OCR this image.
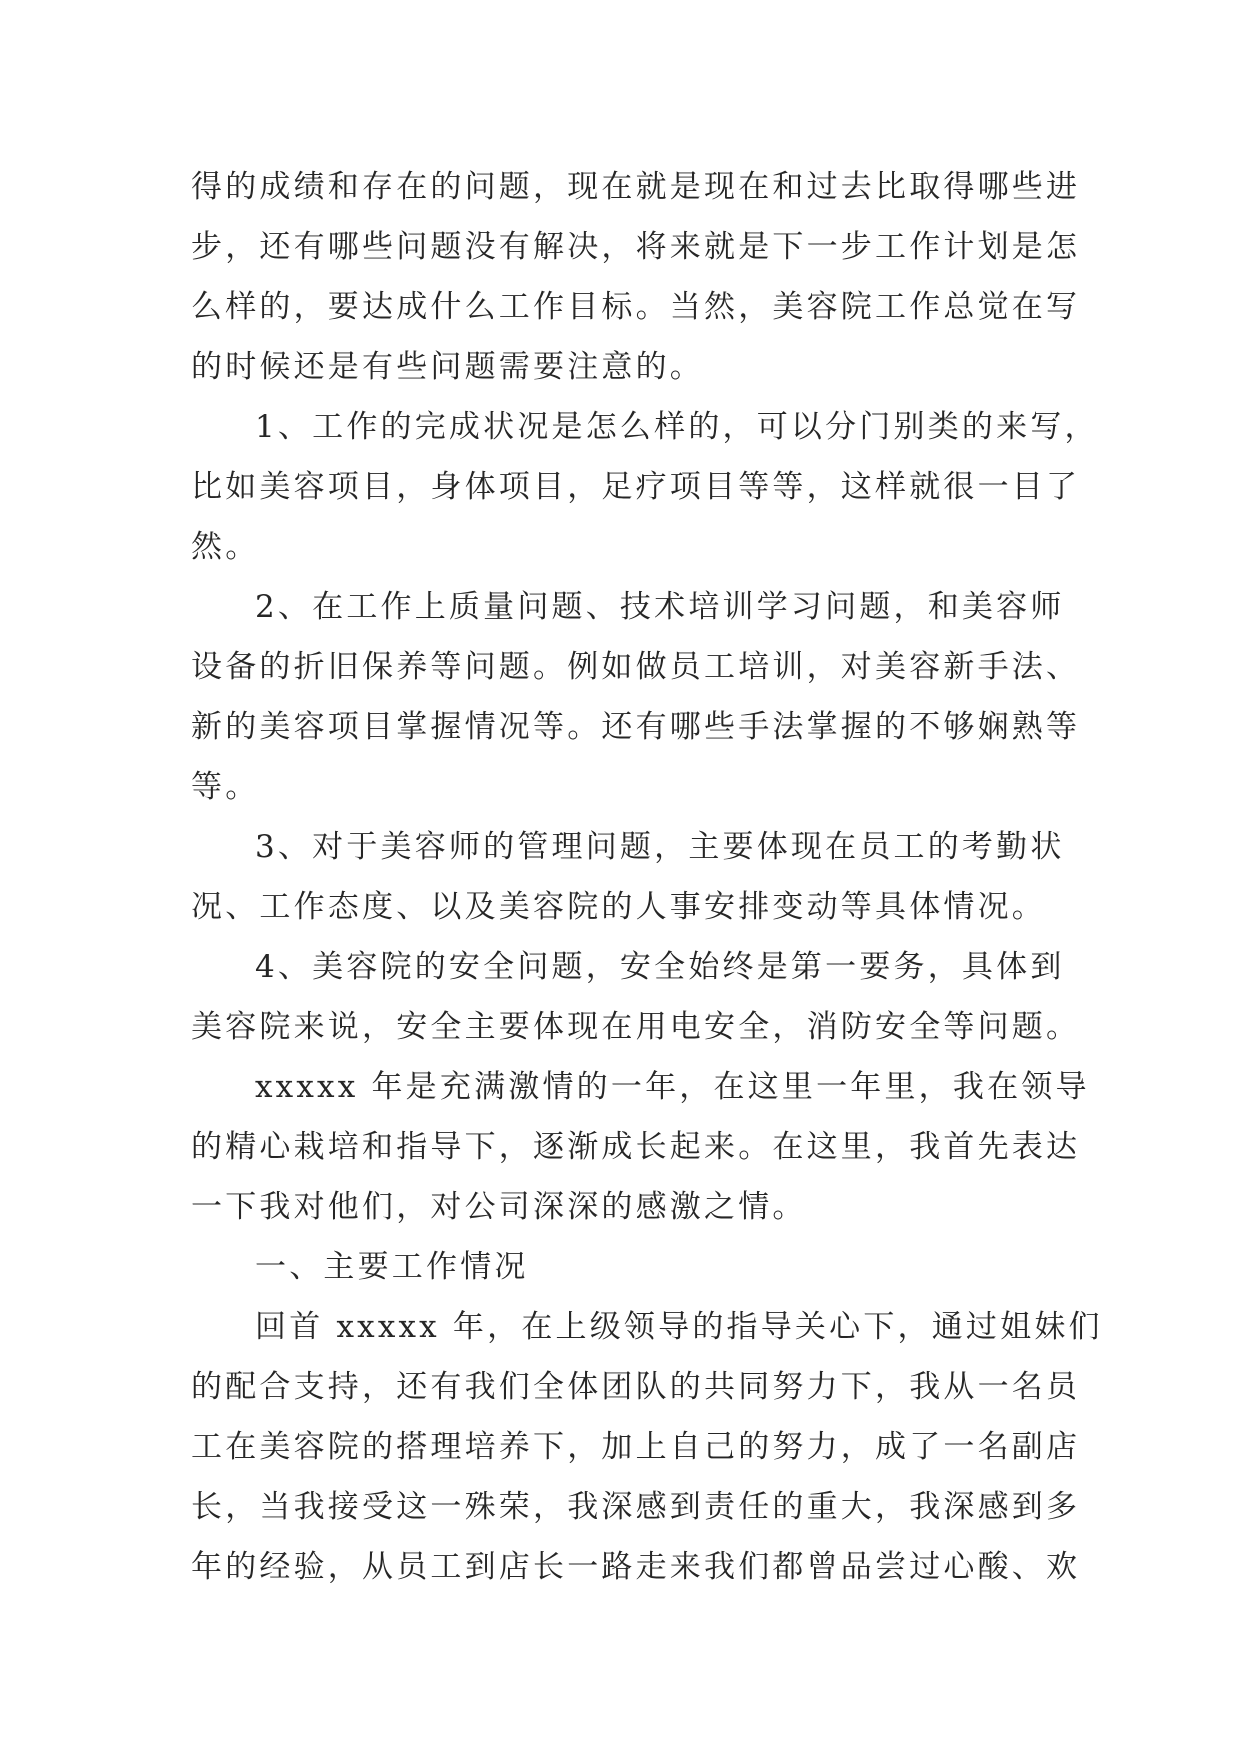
得的成绩和存在的问题，现在就是现在和过去比取得哪些进
步，还有哪些问题没有解决，将来就是下一步工作计划是怎
么样的，要达成什么工作目标。当然，美容院工作总觉在写
的时候还是有些问题需要注意的。
1、工作的完成状况是怎么样的，可以分门别类的来写，
比如美容项目，身体项目，足疗项目等等，这样就很一目了
然。
2、在工作上质量问题、技术培训学习问题，和美容师
设备的折旧保养等问题。例如做员工培训，对美容新手法、
新的美容项目掌握情况等。还有哪些手法掌握的不够娴熟等
等。
3、对于美容师的管理问题，主要体现在员工的考勤状
况、工作态度、以及美容院的人事安排变动等具体情况。
4、美容院的安全问题，安全始终是第一要务，具体到
美容院来说，安全主要体现在用电安全，消防安全等问题。
xxxxx 年是充满激情的一年，在这里一年里，我在领导
的精心栽培和指导下，逐渐成长起来。在这里，我首先表达
一下我对他们，对公司深深的感激之情。
一、主要工作情况
回首 xxxxx 年，在上级领导的指导关心下，通过姐妹们
的配合支持，还有我们全体团队的共同努力下，我从一名员
工在美容院的搭理培养下，加上自己的努力，成了一名副店
长，当我接受这一殊荣，我深感到责任的重大，我深感到多
年的经验，从员工到店长一路走来我们都曾品尝过心酸、欢
